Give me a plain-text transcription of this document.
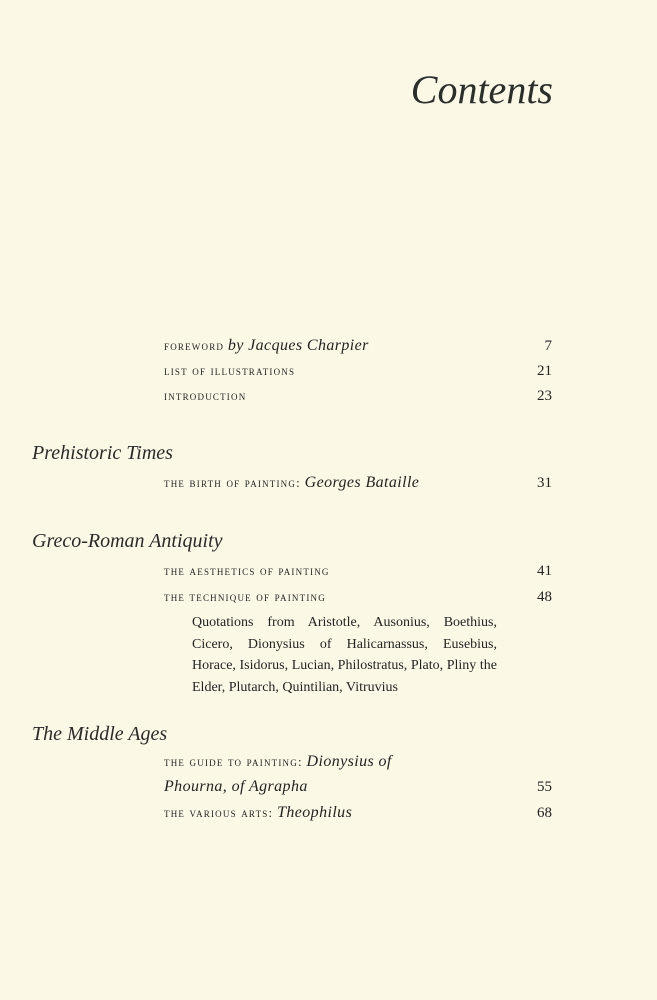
Contents
foreword by Jacques Charpier	7
list of illustrations	21
introduction	23
Prehistoric Times
the birth of painting: Georges Bataille	31
Greco-Roman Antiquity
the aesthetics of painting	41
the technique of painting	48

Quotations from Aristotle, Ausonius, Boethius, Cicero, Dionysius of Halicarnassus, Eusebius, Horace, Isidorus, Lucian, Philostratus, Plato, Pliny the Elder, Plutarch, Quintilian, Vitruvius

The Middle Ages
the guide to painting: Dionysius of
Phourna, of Agrapha	55
the various arts: Theophilus	68
